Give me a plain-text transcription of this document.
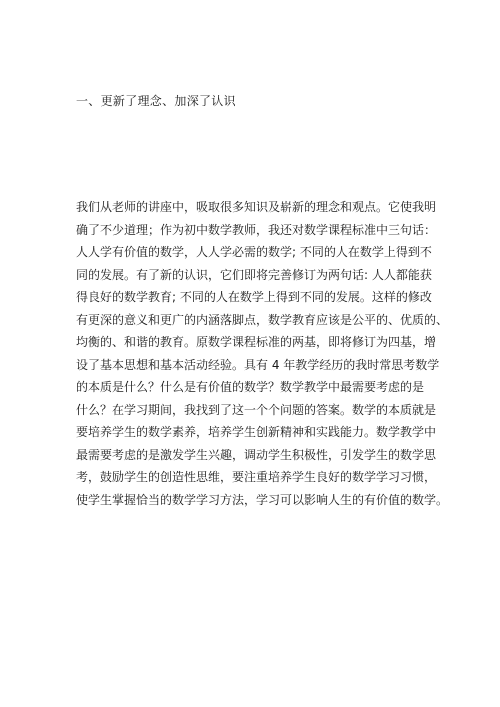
一、更新了理念、加深了认识
我们从老师的讲座中，吸取很多知识及崭新的理念和观点。它使我明
确了不少道理；作为初中数学教师，我还对数学课程标准中三句话：
人人学有价值的数学，人人学必需的数学; 不同的人在数学上得到不
同的发展。有了新的认识，它们即将完善修订为两句话: 人人都能获
得良好的数学教育; 不同的人在数学上得到不同的发展。这样的修改
有更深的意义和更广的内涵落脚点，数学教育应该是公平的、优质的、
均衡的、和谐的教育。原数学课程标准的两基，即将修订为四基，增
设了基本思想和基本活动经验。具有 4 年教学经历的我时常思考数学
的本质是什么？什么是有价值的数学？数学教学中最需要考虑的是
什么？在学习期间，我找到了这一个个问题的答案。数学的本质就是
要培养学生的数学素养，培养学生创新精神和实践能力。数学教学中
最需要考虑的是激发学生兴趣，调动学生积极性，引发学生的数学思
考，鼓励学生的创造性思维，要注重培养学生良好的数学学习习惯，
使学生掌握恰当的数学学习方法，学习可以影响人生的有价值的数学。
